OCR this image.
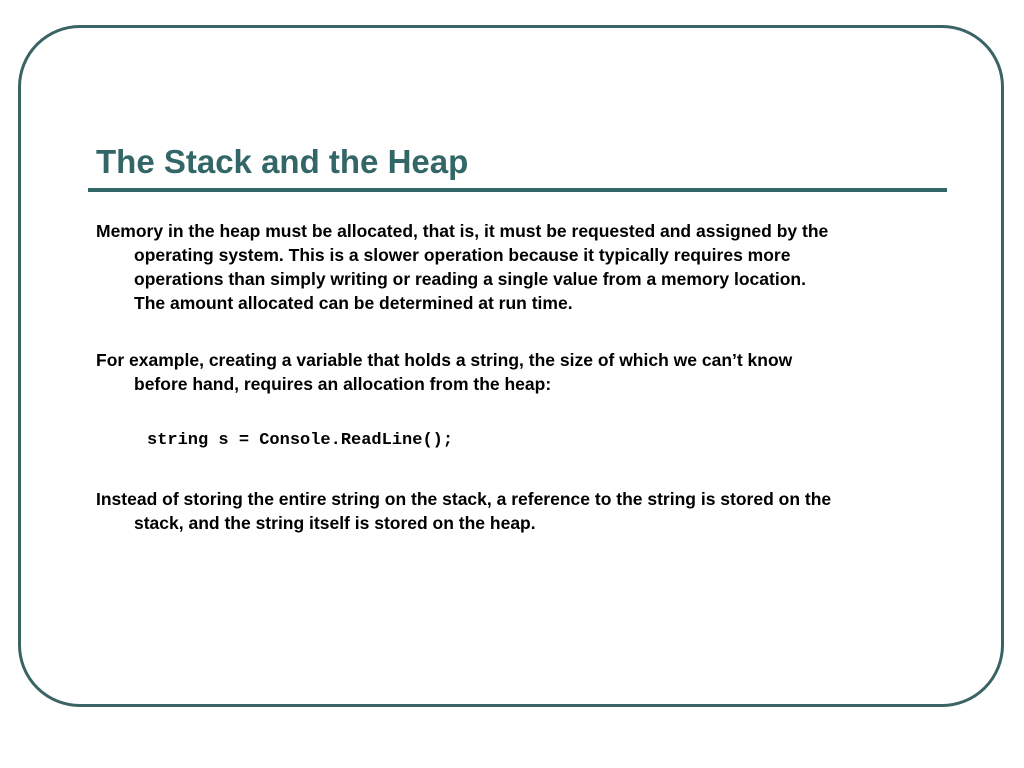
The Stack and the Heap

Memory in the heap must be allocated, that is, it must be requested and assigned by the
operating system. This is a slower operation because it typically requires more
operations than simply writing or reading a single value from a memory location.
The amount allocated can be determined at run time.

For example, creating a variable that holds a string, the size of which we can’t know
before hand, requires an allocation from the heap:

string s = Console.ReadLine();

Instead of storing the entire string on the stack, a reference to the string is stored on the
stack, and the string itself is stored on the heap.
